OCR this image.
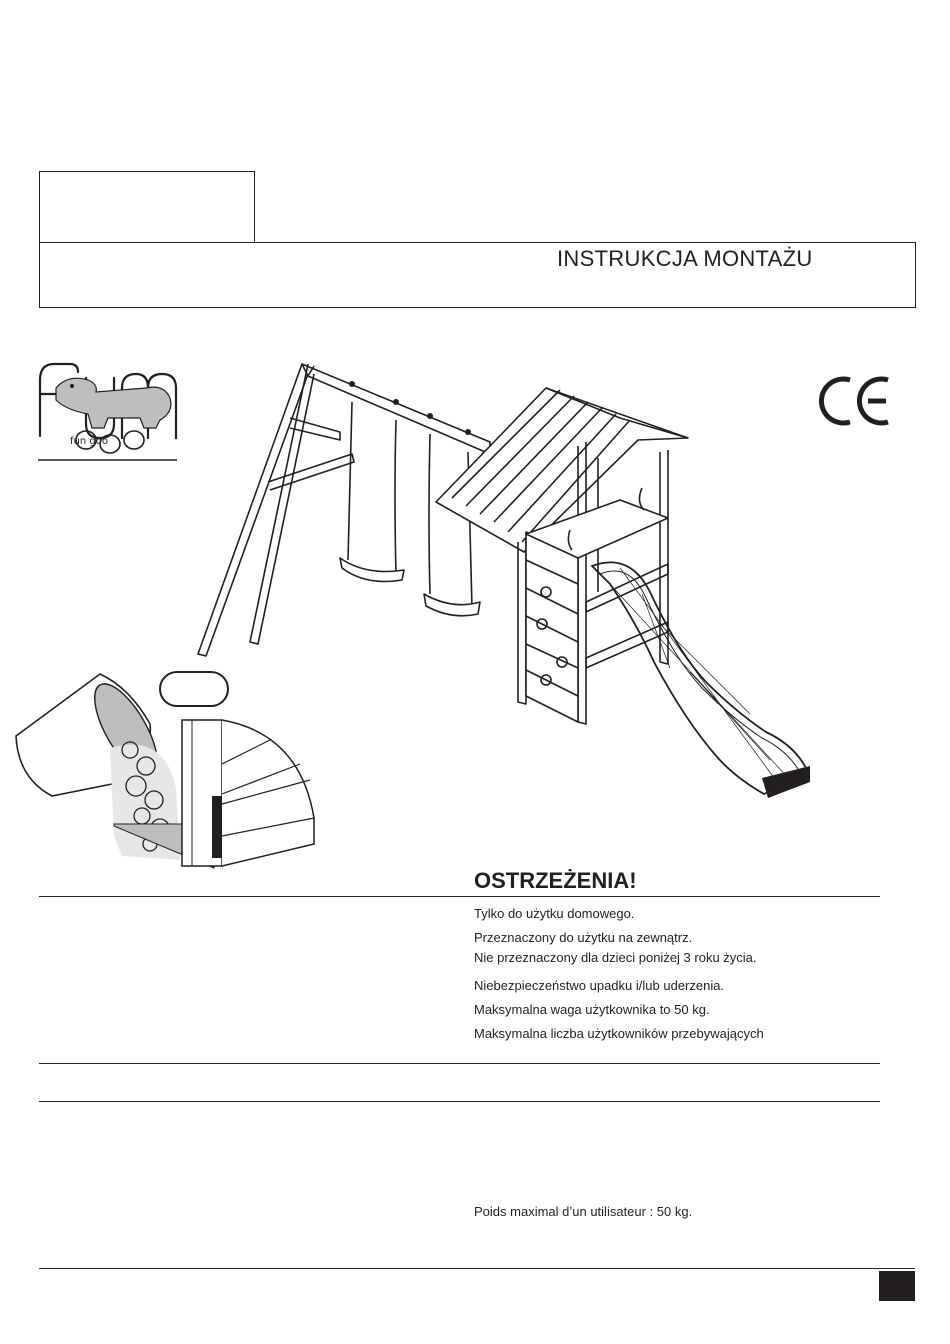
INSTRUKCJA MONTAŻU
fun goo
CE
OSTRZEŻENIA!
Tylko do użytku domowego.
Przeznaczony do użytku na zewnątrz.
Nie przeznaczony dla dzieci poniżej 3 roku życia.
Niebezpieczeństwo upadku i/lub uderzenia.
Maksymalna waga użytkownika to 50 kg.
Maksymalna liczba użytkowników przebywających
Poids maximal d’un utilisateur : 50 kg.
